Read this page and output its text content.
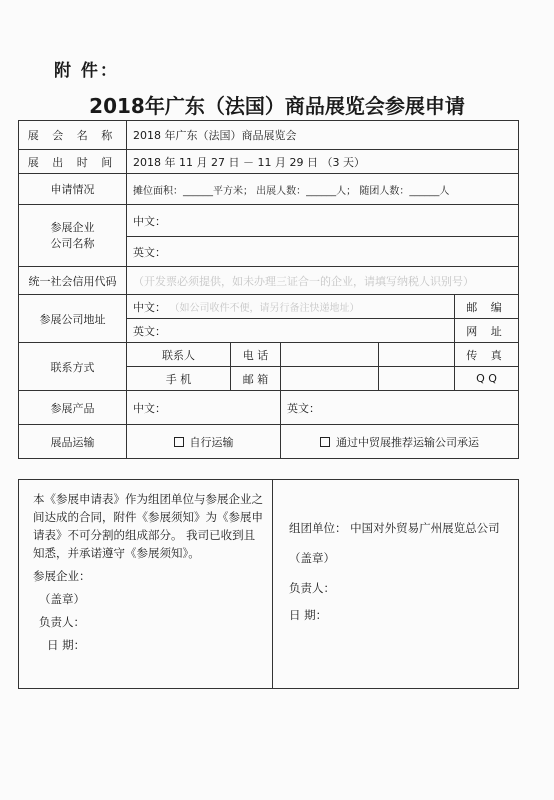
附 件：
2018年广东（法国）商品展览会参展申请
展 会 名 称	2018 年广东（法国）商品展览会				
展 出 时 间	2018 年 11 月 27 日 － 11 月 29 日 （3 天）				
申请情况	摊位面积：______平方米； 出展人数：______人； 随团人数：______人				
参展企业
公司名称	中文：				
	英文：				
统一社会信用代码	（开发票必须提供，如未办理三证合一的企业，请填写纳税人识别号）				
参展公司地址	中文： （如公司收件不便，请另行备注快递地址）				邮 编
	英文：				网 址
联系方式	联系人	电 话			传 真
	手 机	邮 箱			Q Q
参展产品	中文：		英文：		
展品运输	自行运输		通过中贸展推荐运输公司承运		
本《参展申请表》作为组团单位与参展企业之间达成的合同，附件《参展须知》为《参展申请表》不可分割的组成部分。 我司已收到且知悉，并承诺遵守《参展须知》。
参展企业：
（盖章）
负责人：
日 期：
组团单位： 中国对外贸易广州展览总公司
（盖章）
负责人：
日 期：
